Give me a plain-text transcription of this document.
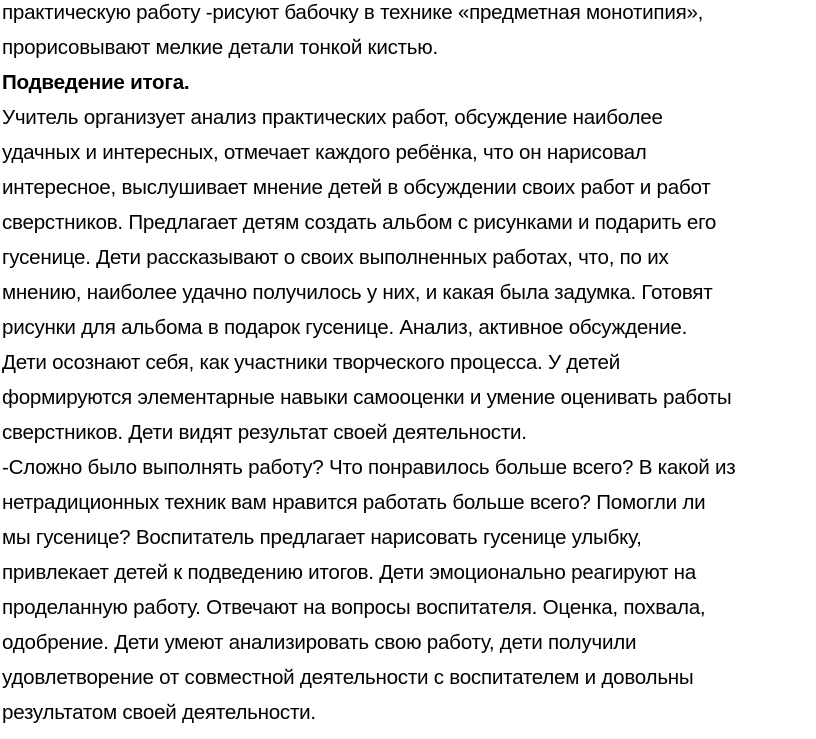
практическую работу -рисуют бабочку в технике «предметная монотипия»,
прорисовывают мелкие детали тонкой кистью.
Подведение итога.
Учитель организует анализ практических работ, обсуждение наиболее
удачных и интересных, отмечает каждого ребёнка, что он нарисовал
интересное, выслушивает мнение детей в обсуждении своих работ и работ
сверстников. Предлагает детям создать альбом с рисунками и подарить его
гусенице. Дети рассказывают о своих выполненных работах, что, по их
мнению, наиболее удачно получилось у них, и какая была задумка. Готовят
рисунки для альбома в подарок гусенице. Анализ, активное обсуждение.
Дети осознают себя, как участники творческого процесса. У детей
формируются элементарные навыки самооценки и умение оценивать работы
сверстников. Дети видят результат своей деятельности.
-Сложно было выполнять работу? Что понравилось больше всего? В какой из
нетрадиционных техник вам нравится работать больше всего? Помогли ли
мы гусенице? Воспитатель предлагает нарисовать гусенице улыбку,
привлекает детей к подведению итогов. Дети эмоционально реагируют на
проделанную работу. Отвечают на вопросы воспитателя. Оценка, похвала,
одобрение. Дети умеют анализировать свою работу, дети получили
удовлетворение от совместной деятельности с воспитателем и довольны
результатом своей деятельности.
